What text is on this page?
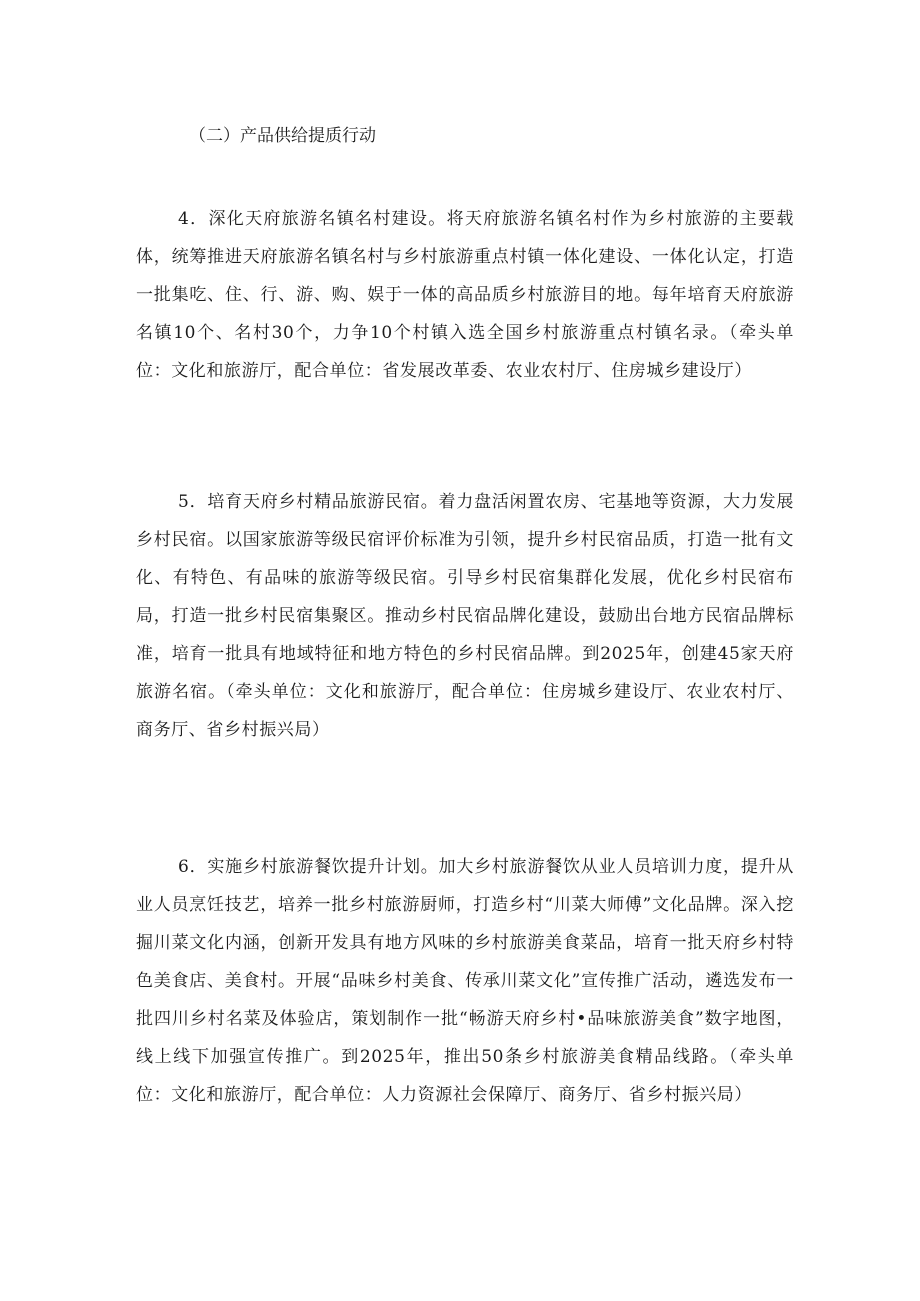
（二）产品供给提质行动

4．深化天府旅游名镇名村建设。将天府旅游名镇名村作为乡村旅游的主要载体，统筹推进天府旅游名镇名村与乡村旅游重点村镇一体化建设、一体化认定，打造一批集吃、住、行、游、购、娱于一体的高品质乡村旅游目的地。每年培育天府旅游名镇10个、名村30个，力争10个村镇入选全国乡村旅游重点村镇名录。（牵头单位：文化和旅游厅，配合单位：省发展改革委、农业农村厅、住房城乡建设厅）

5．培育天府乡村精品旅游民宿。着力盘活闲置农房、宅基地等资源，大力发展乡村民宿。以国家旅游等级民宿评价标准为引领，提升乡村民宿品质，打造一批有文化、有特色、有品味的旅游等级民宿。引导乡村民宿集群化发展，优化乡村民宿布局，打造一批乡村民宿集聚区。推动乡村民宿品牌化建设，鼓励出台地方民宿品牌标准，培育一批具有地域特征和地方特色的乡村民宿品牌。到2025年，创建45家天府旅游名宿。（牵头单位：文化和旅游厅，配合单位：住房城乡建设厅、农业农村厅、商务厅、省乡村振兴局）

6．实施乡村旅游餐饮提升计划。加大乡村旅游餐饮从业人员培训力度，提升从业人员烹饪技艺，培养一批乡村旅游厨师，打造乡村“川菜大师傅”文化品牌。深入挖掘川菜文化内涵，创新开发具有地方风味的乡村旅游美食菜品，培育一批天府乡村特色美食店、美食村。开展“品味乡村美食、传承川菜文化”宣传推广活动，遴选发布一批四川乡村名菜及体验店，策划制作一批“畅游天府乡村•品味旅游美食”数字地图，线上线下加强宣传推广。到2025年，推出50条乡村旅游美食精品线路。（牵头单位：文化和旅游厅，配合单位：人力资源社会保障厅、商务厅、省乡村振兴局）
